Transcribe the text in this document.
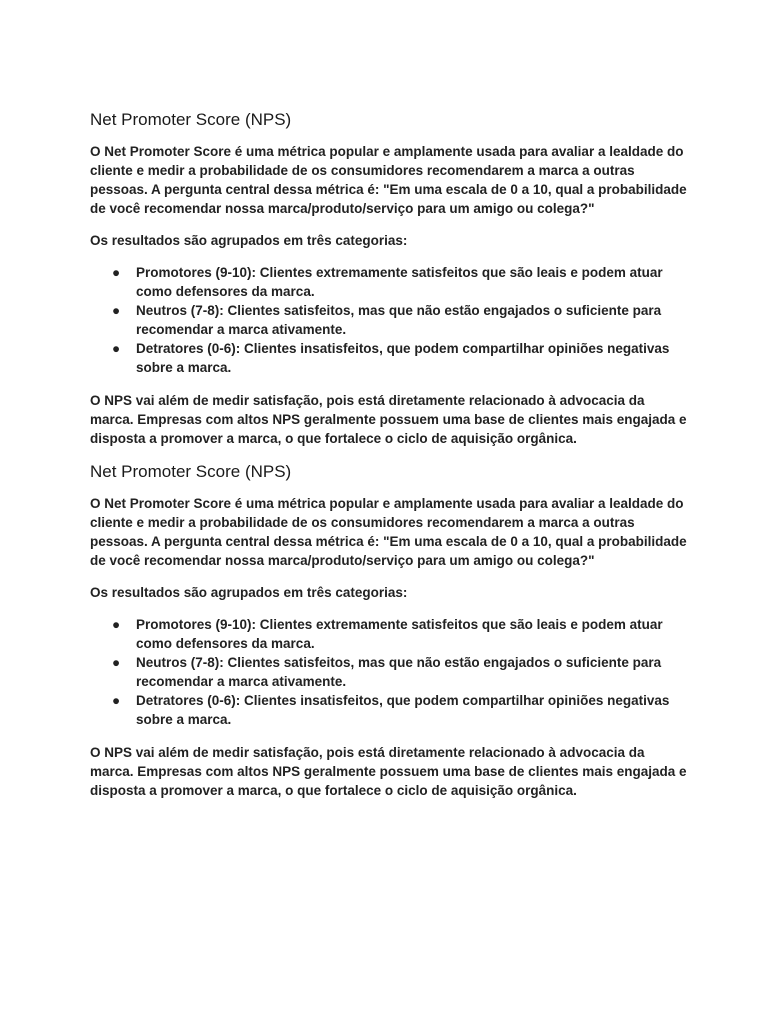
Net Promoter Score (NPS)

O Net Promoter Score é uma métrica popular e amplamente usada para avaliar a lealdade do cliente e medir a probabilidade de os consumidores recomendarem a marca a outras pessoas. A pergunta central dessa métrica é: "Em uma escala de 0 a 10, qual a probabilidade de você recomendar nossa marca/produto/serviço para um amigo ou colega?"

Os resultados são agrupados em três categorias:

● Promotores (9-10): Clientes extremamente satisfeitos que são leais e podem atuar como defensores da marca.
● Neutros (7-8): Clientes satisfeitos, mas que não estão engajados o suficiente para recomendar a marca ativamente.
● Detratores (0-6): Clientes insatisfeitos, que podem compartilhar opiniões negativas sobre a marca.

O NPS vai além de medir satisfação, pois está diretamente relacionado à advocacia da marca. Empresas com altos NPS geralmente possuem uma base de clientes mais engajada e disposta a promover a marca, o que fortalece o ciclo de aquisição orgânica.

Net Promoter Score (NPS)

O Net Promoter Score é uma métrica popular e amplamente usada para avaliar a lealdade do cliente e medir a probabilidade de os consumidores recomendarem a marca a outras pessoas. A pergunta central dessa métrica é: "Em uma escala de 0 a 10, qual a probabilidade de você recomendar nossa marca/produto/serviço para um amigo ou colega?"

Os resultados são agrupados em três categorias:

● Promotores (9-10): Clientes extremamente satisfeitos que são leais e podem atuar como defensores da marca.
● Neutros (7-8): Clientes satisfeitos, mas que não estão engajados o suficiente para recomendar a marca ativamente.
● Detratores (0-6): Clientes insatisfeitos, que podem compartilhar opiniões negativas sobre a marca.

O NPS vai além de medir satisfação, pois está diretamente relacionado à advocacia da marca. Empresas com altos NPS geralmente possuem uma base de clientes mais engajada e disposta a promover a marca, o que fortalece o ciclo de aquisição orgânica.
